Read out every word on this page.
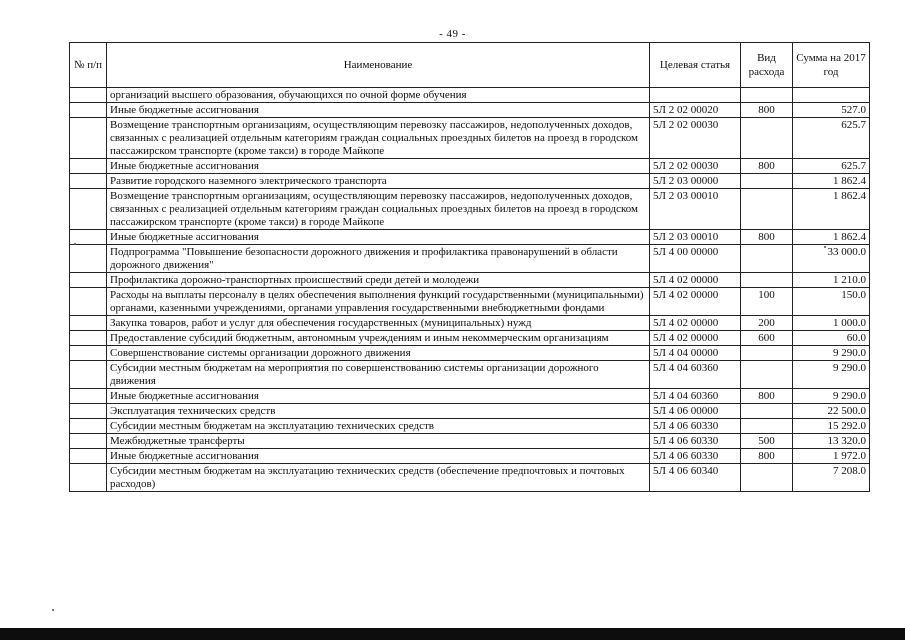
- 49 -
№ п/п	Наименование	Целевая статья	Вид расхода	Сумма на 2017 год
	организаций высшего образования, обучающихся по очной форме обучения			
	Иные бюджетные ассигнования	5Л 2 02 00020	800	527.0
	Возмещение транспортным организациям, осуществляющим перевозку пассажиров, недополученных доходов, связанных с реализацией отдельным категориям граждан социальных проездных билетов на проезд в городском пассажирском транспорте (кроме такси) в городе Майкопе	5Л 2 02 00030		625.7
	Иные бюджетные ассигнования	5Л 2 02 00030	800	625.7
	Развитие городского наземного электрического транспорта	5Л 2 03 00000		1 862.4
	Возмещение транспортным организациям, осуществляющим перевозку пассажиров, недополученных доходов, связанных с реализацией отдельным категориям граждан социальных проездных билетов на проезд в городском пассажирском транспорте (кроме такси) в городе Майкопе	5Л 2 03 00010		1 862.4
	Иные бюджетные ассигнования	5Л 2 03 00010	800	1 862.4
	Подпрограмма "Повышение безопасности дорожного движения и профилактика правонарушений в области дорожного движения"	5Л 4 00 00000		33 000.0
	Профилактика дорожно-транспортных происшествий среди детей и молодежи	5Л 4 02 00000		1 210.0
	Расходы на выплаты персоналу в целях обеспечения выполнения функций государственными (муниципальными) органами, казенными учреждениями, органами управления государственными внебюджетными фондами	5Л 4 02 00000	100	150.0
	Закупка товаров, работ и услуг для обеспечения государственных (муниципальных) нужд	5Л 4 02 00000	200	1 000.0
	Предоставление субсидий бюджетным, автономным учреждениям и иным некоммерческим организациям	5Л 4 02 00000	600	60.0
	Совершенствование системы организации дорожного движения	5Л 4 04 00000		9 290.0
	Субсидии местным бюджетам на мероприятия по совершенствованию системы организации дорожного движения	5Л 4 04 60360		9 290.0
	Иные бюджетные ассигнования	5Л 4 04 60360	800	9 290.0
	Эксплуатация технических средств	5Л 4 06 00000		22 500.0
	Субсидии местным бюджетам на эксплуатацию технических средств	5Л 4 06 60330		15 292.0
	Межбюджетные трансферты	5Л 4 06 60330	500	13 320.0
	Иные бюджетные ассигнования	5Л 4 06 60330	800	1 972.0
	Субсидии местным бюджетам на эксплуатацию технических средств (обеспечение предпочтовых и почтовых расходов)	5Л 4 06 60340		7 208.0
